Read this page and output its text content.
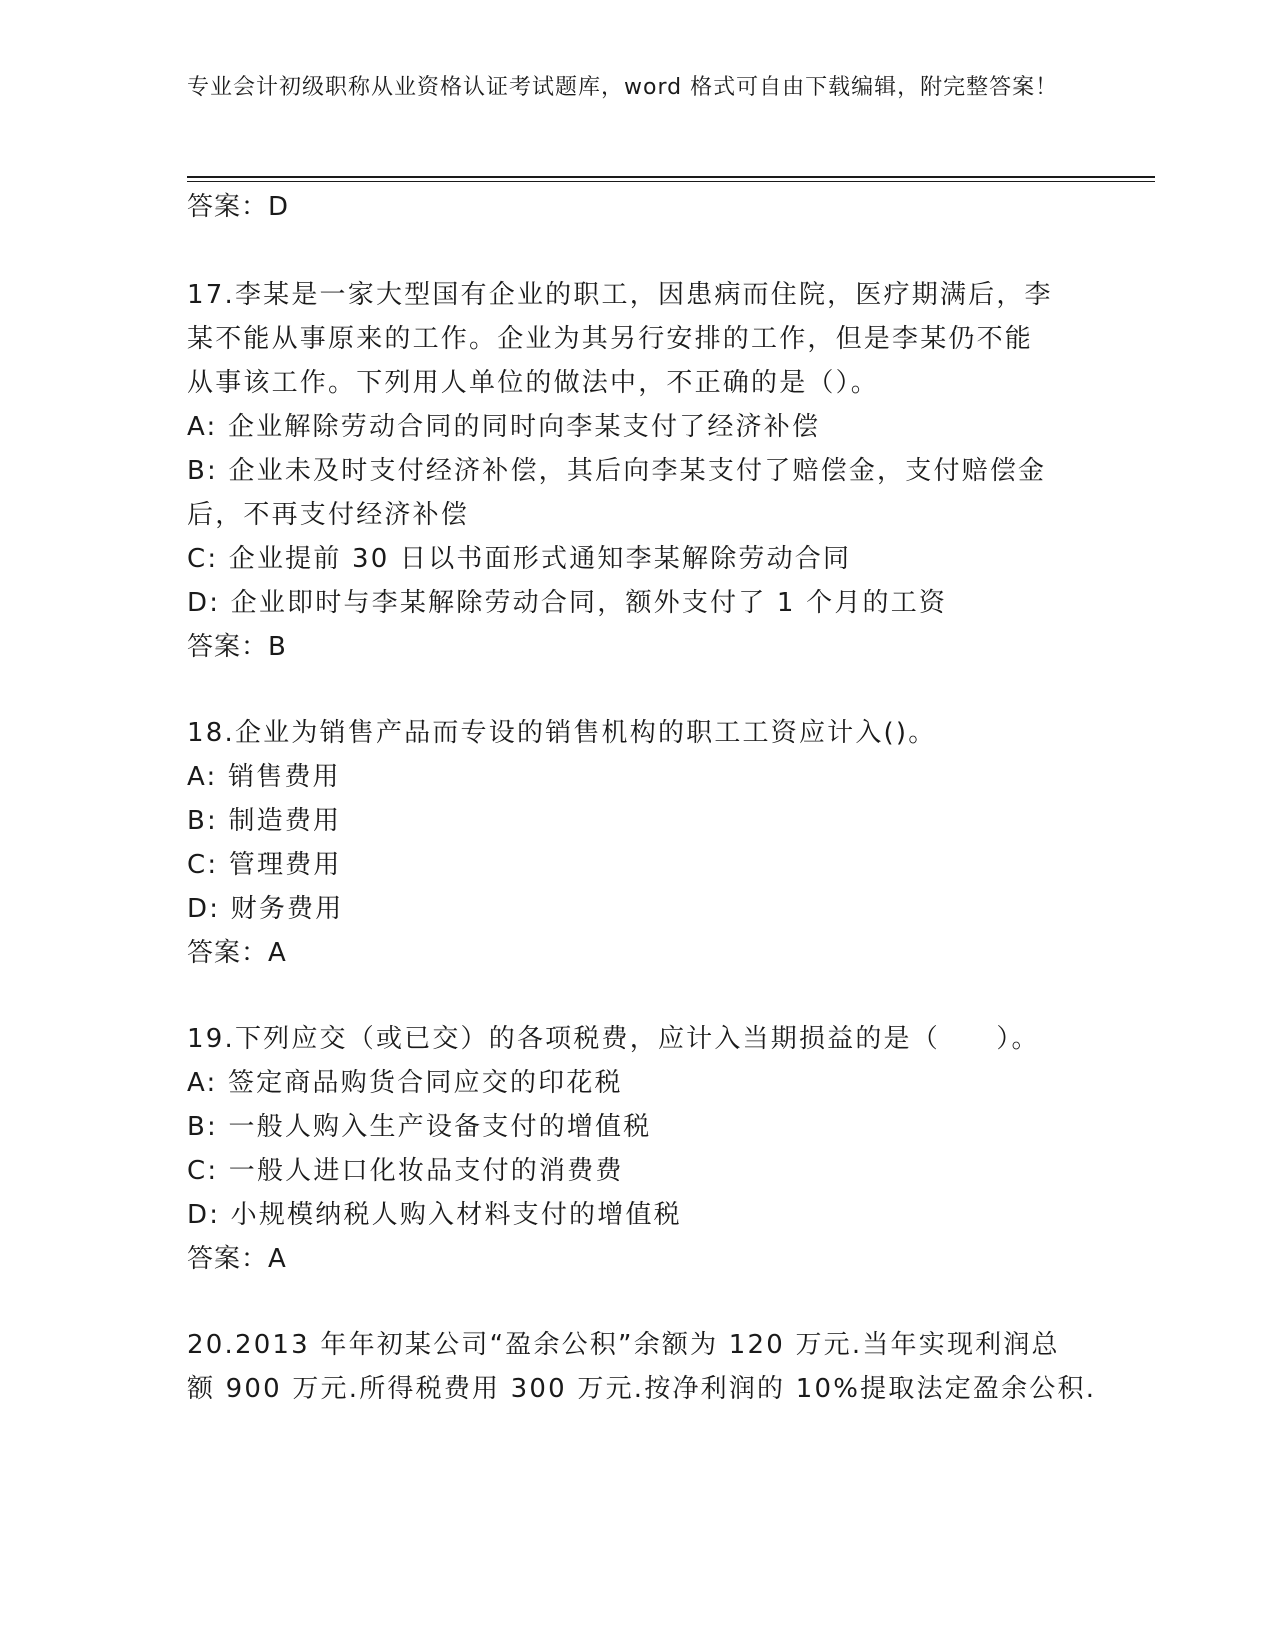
专业会计初级职称从业资格认证考试题库，word 格式可自由下载编辑，附完整答案！
答案：D
17.李某是一家大型国有企业的职工，因患病而住院，医疗期满后，李
某不能从事原来的工作。企业为其另行安排的工作，但是李某仍不能
从事该工作。下列用人单位的做法中，不正确的是（）。
A: 企业解除劳动合同的同时向李某支付了经济补偿
B: 企业未及时支付经济补偿，其后向李某支付了赔偿金，支付赔偿金
后，不再支付经济补偿
C: 企业提前 30 日以书面形式通知李某解除劳动合同
D: 企业即时与李某解除劳动合同，额外支付了 1 个月的工资
答案：B
18.企业为销售产品而专设的销售机构的职工工资应计入()。
A: 销售费用
B: 制造费用
C: 管理费用
D: 财务费用
答案：A
19.下列应交（或已交）的各项税费，应计入当期损益的是（　　）。
A: 签定商品购货合同应交的印花税
B: 一般人购入生产设备支付的增值税
C: 一般人进口化妆品支付的消费费
D: 小规模纳税人购入材料支付的增值税
答案：A
20.2013 年年初某公司“盈余公积”余额为 120 万元.当年实现利润总
额 900 万元.所得税费用 300 万元.按净利润的 10%提取法定盈余公积.
